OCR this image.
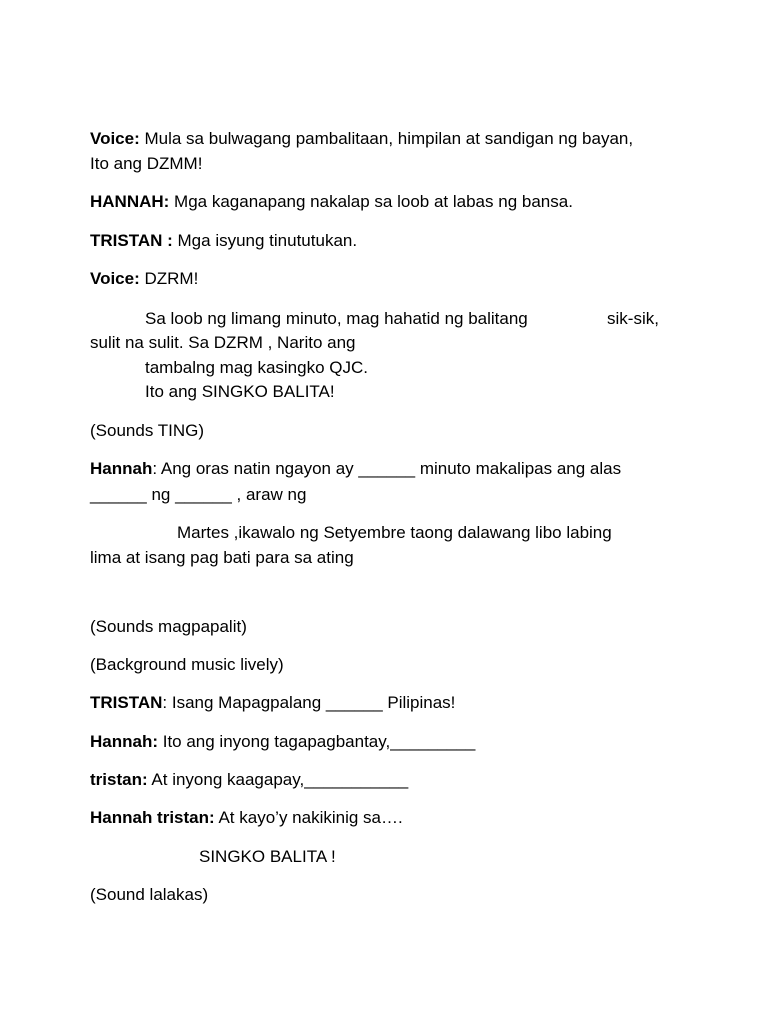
Voice: Mula sa bulwagang pambalitaan, himpilan at sandigan ng bayan,
Ito ang DZMM!
HANNAH: Mga kaganapang nakalap sa loob at labas ng bansa.
TRISTAN : Mga isyung tinututukan.
Voice: DZRM!
Sa loob ng limang minuto, mag hahatid ng balitang	sik-sik,
sulit na sulit. Sa DZRM , Narito ang
tambalng mag kasingko QJC.
Ito ang SINGKO BALITA!
(Sounds TING)
Hannah: Ang oras natin ngayon ay ______ minuto makalipas ang alas
______ ng ______ , araw ng
Martes ,ikawalo ng Setyembre taong dalawang libo labing
lima at isang pag bati para sa ating
(Sounds magpapalit)
(Background music lively)
TRISTAN: Isang Mapagpalang ______ Pilipinas!
Hannah: Ito ang inyong tagapagbantay,_________
tristan: At inyong kaagapay,___________
Hannah tristan: At kayo’y nakikinig sa….
SINGKO BALITA !
(Sound lalakas)
